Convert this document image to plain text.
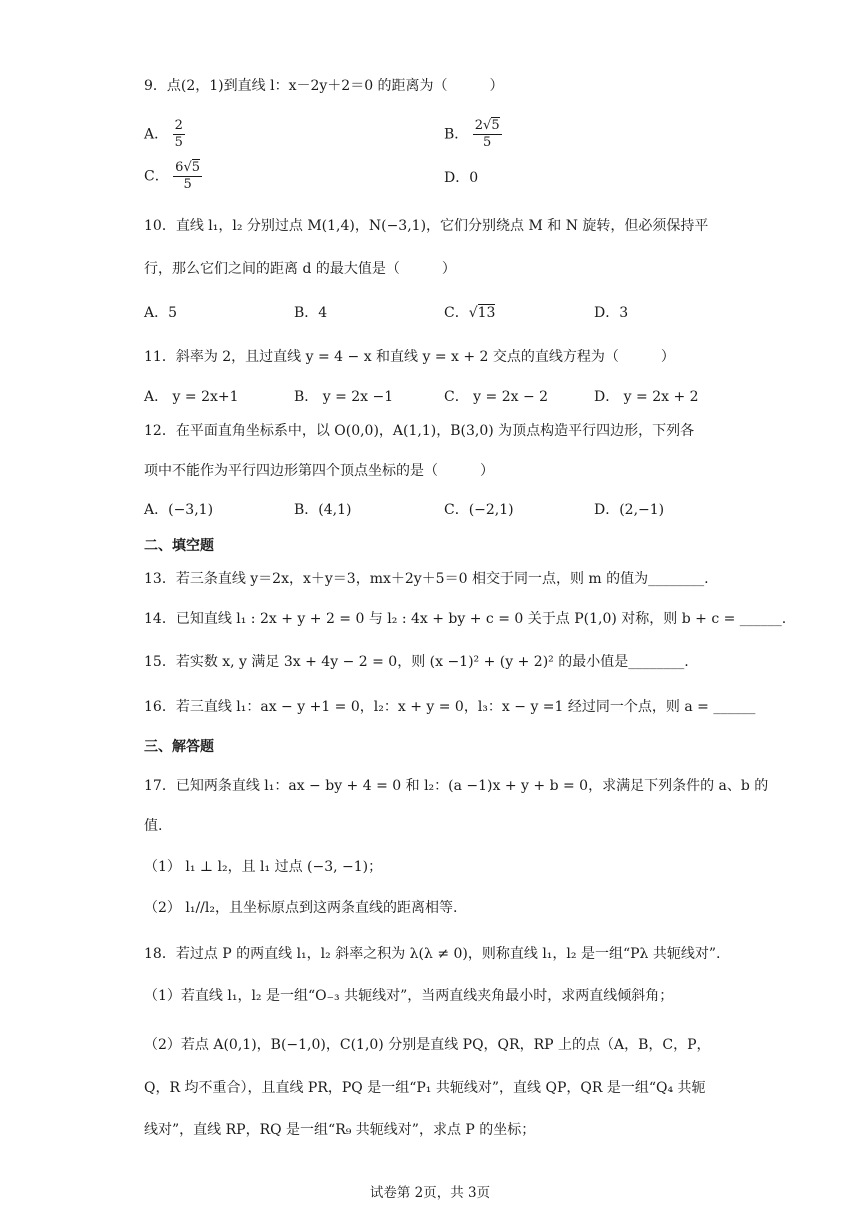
9．点(2，1)到直线 l：x－2y＋2＝0 的距离为（　　　）
A． $\frac{2}{5}$	B． $\frac{2√5}{5}$
C． $\frac{6√5}{5}$	D．0
10．直线 l₁，l₂ 分别过点 M(1,4)，N(−3,1)，它们分别绕点 M 和 N 旋转，但必须保持平
行，那么它们之间的距离 d 的最大值是（　　　）
A．5	B．4	C．√13	D．3
11．斜率为 2，且过直线 y = 4 − x 和直线 y = x + 2 交点的直线方程为（　　　）
A． y = 2x+1	B． y = 2x −1	C． y = 2x − 2	D． y = 2x + 2
12．在平面直角坐标系中，以 O(0,0)，A(1,1)，B(3,0) 为顶点构造平行四边形，下列各
项中不能作为平行四边形第四个顶点坐标的是（　　　）
A．(−3,1)	B．(4,1)	C．(−2,1)	D．(2,−1)
二、填空题
13．若三条直线 y＝2x，x＋y＝3，mx＋2y＋5＝0 相交于同一点，则 m 的值为________.
14．已知直线 l₁ : 2x + y + 2 = 0 与 l₂ : 4x + by + c = 0 关于点 P(1,0) 对称，则 b + c = ______.
15．若实数 x, y 满足 3x + 4y − 2 = 0，则 (x −1)² + (y + 2)² 的最小值是________.
16．若三直线 l₁：ax − y +1 = 0，l₂：x + y = 0，l₃：x − y =1 经过同一个点，则 a = ______
三、解答题
17．已知两条直线 l₁：ax − by + 4 = 0 和 l₂：(a −1)x + y + b = 0，求满足下列条件的 a、b 的
值.
（1） l₁ ⊥ l₂，且 l₁ 过点 (−3, −1)；
（2） l₁//l₂，且坐标原点到这两条直线的距离相等.
18．若过点 P 的两直线 l₁，l₂ 斜率之积为 λ(λ ≠ 0)，则称直线 l₁，l₂ 是一组“Pλ 共轭线对”.
（1）若直线 l₁，l₂ 是一组“O₋₃ 共轭线对”，当两直线夹角最小时，求两直线倾斜角；
（2）若点 A(0,1)，B(−1,0)，C(1,0) 分别是直线 PQ，QR，RP 上的点（A，B，C，P，
Q，R 均不重合），且直线 PR，PQ 是一组“P₁ 共轭线对”，直线 QP，QR 是一组“Q₄ 共轭
线对”，直线 RP，RQ 是一组“R₉ 共轭线对”，求点 P 的坐标；
试卷第 2页，共 3页
